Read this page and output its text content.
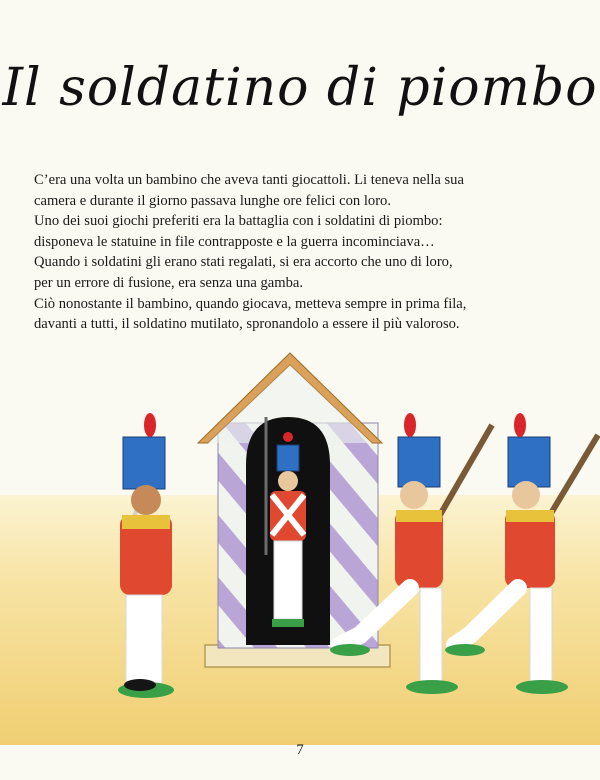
Il soldatino di piombo

C’era una volta un bambino che aveva tanti giocattoli. Li teneva nella sua

camera e durante il giorno passava lunghe ore felici con loro.

Uno dei suoi giochi preferiti era la battaglia con i soldatini di piombo:

disponeva le statuine in file contrapposte e la guerra incominciava…

Quando i soldatini gli erano stati regalati, si era accorto che uno di loro,

per un errore di fusione, era senza una gamba.

Ciò nonostante il bambino, quando giocava, metteva sempre in prima fila,

davanti a tutti, il soldatino mutilato, spronandolo a essere il più valoroso.

7
